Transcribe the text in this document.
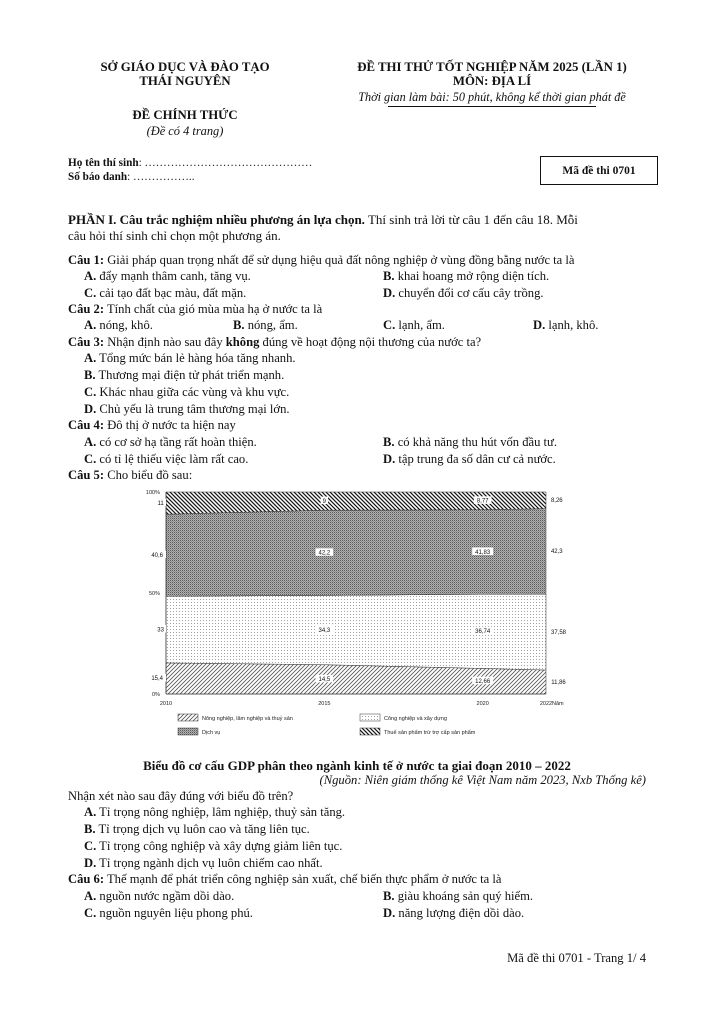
SỞ GIÁO DỤC VÀ ĐÀO TẠO
THÁI NGUYÊN
ĐỀ CHÍNH THỨC
(Đề có 4 trang)
ĐỀ THI THỬ TỐT NGHIỆP NĂM 2025 (LẦN 1)
MÔN: ĐỊA LÍ
Thời gian làm bài: 50 phút, không kể thời gian phát đề
Họ tên thí sinh: ………………………………………
Số báo danh: ……………..
Mã đề thi 0701
PHẦN I. Câu trắc nghiệm nhiều phương án lựa chọn. Thí sinh trả lời từ câu 1 đến câu 18. Mỗi
câu hỏi thí sinh chỉ chọn một phương án.
Câu 1: Giải pháp quan trọng nhất để sử dụng hiệu quả đất nông nghiệp ở vùng đồng bằng nước ta là
A. đẩy mạnh thâm canh, tăng vụ.	B. khai hoang mở rộng diện tích.
C. cải tạo đất bạc màu, đất mặn.	D. chuyển đổi cơ cấu cây trồng.
Câu 2: Tính chất của gió mùa mùa hạ ở nước ta là
A. nóng, khô.	B. nóng, ẩm.	C. lạnh, ẩm.	D. lạnh, khô.
Câu 3: Nhận định nào sau đây không đúng về hoạt động nội thương của nước ta?
A. Tổng mức bán lẻ hàng hóa tăng nhanh.
B. Thương mại điện tử phát triển mạnh.
C. Khác nhau giữa các vùng và khu vực.
D. Chủ yếu là trung tâm thương mại lớn.
Câu 4: Đô thị ở nước ta hiện nay
A. có cơ sở hạ tầng rất hoàn thiện.	B. có khả năng thu hút vốn đầu tư.
C. có tỉ lệ thiếu việc làm rất cao.	D. tập trung đa số dân cư cả nước.
Câu 5: Cho biểu đồ sau:
0%
50%
100%
2010	2015	2020	2022 Năm
15,4	14,5	12,66	11,86
33	34,3	36,74	37,58
40,6	42,2	41,83	42,3
11	9	8,77	8,26
Nông nghiệp, lâm nghiệp và thuỷ sản	Công nghiệp và xây dựng
Dịch vụ	Thuế sản phẩm trừ trợ cấp sản phẩm
Biểu đồ cơ cấu GDP phân theo ngành kinh tế ở nước ta giai đoạn 2010 – 2022
(Nguồn: Niên giám thống kê Việt Nam năm 2023, Nxb Thống kê)
Nhận xét nào sau đây đúng với biểu đồ trên?
A. Tỉ trọng nông nghiệp, lâm nghiệp, thuỷ sản tăng.
B. Tỉ trọng dịch vụ luôn cao và tăng liên tục.
C. Tỉ trọng công nghiệp và xây dựng giảm liên tục.
D. Tỉ trọng ngành dịch vụ luôn chiếm cao nhất.
Câu 6: Thế mạnh để phát triển công nghiệp sản xuất, chế biến thực phẩm ở nước ta là
A. nguồn nước ngầm dồi dào.	B. giàu khoáng sản quý hiếm.
C. nguồn nguyên liệu phong phú.	D. năng lượng điện dồi dào.
Mã đề thi 0701 - Trang 1/ 4
